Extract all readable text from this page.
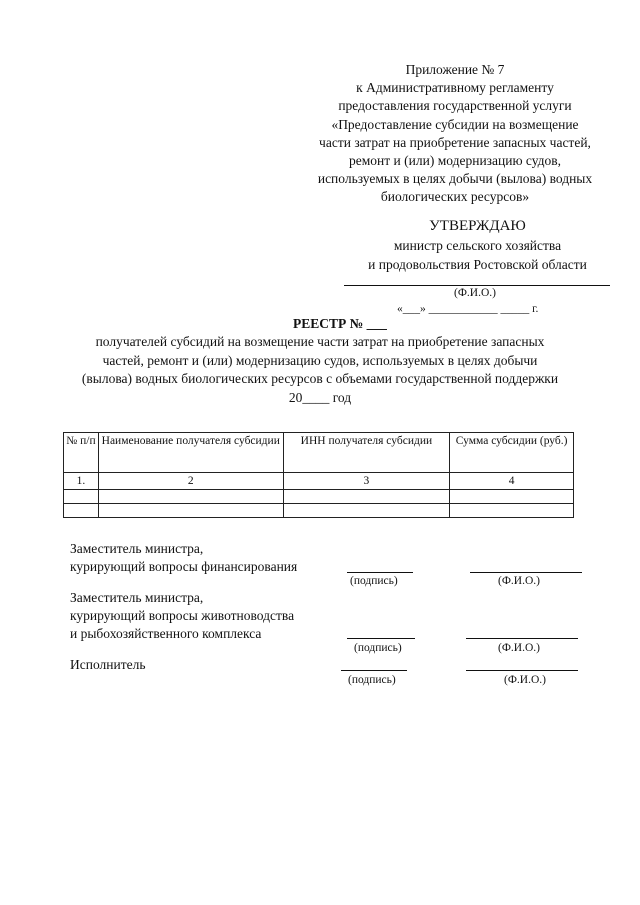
Приложение № 7
к Административному регламенту
предоставления государственной услуги
«Предоставление субсидии на возмещение
части затрат на приобретение запасных частей,
ремонт и (или) модернизацию судов,
используемых в целях добычи (вылова) водных
биологических ресурсов»
УТВЕРЖДАЮ
министр сельского хозяйства
и продовольствия Ростовской области
(Ф.И.О.)
«___» ____________ _____ г.
РЕЕСТР № ___
получателей субсидий на возмещение части затрат на приобретение запасных
частей, ремонт и (или) модернизацию судов, используемых в целях добычи
(вылова) водных биологических ресурсов с объемами государственной поддержки
20____ год
№ п/п	Наименование получателя субсидии	ИНН получателя субсидии	Сумма субсидии (руб.)
1.	2	3	4

Заместитель министра,
курирующий вопросы финансирования
(подпись)	(Ф.И.О.)
Заместитель министра,
курирующий вопросы животноводства
и рыбохозяйственного комплекса
(подпись)	(Ф.И.О.)
Исполнитель
(подпись)	(Ф.И.О.)
